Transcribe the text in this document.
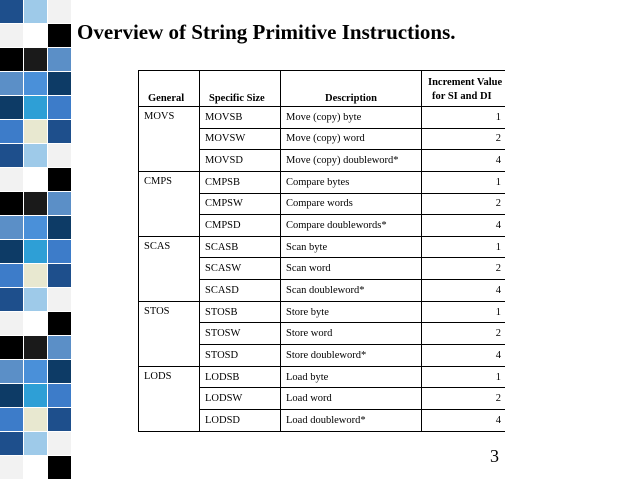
Overview of String Primitive Instructions.
General	Specific Size	Description	Increment Value
for SI and DI
MOVS	MOVSB	Move (copy) byte	1
	MOVSW	Move (copy) word	2
	MOVSD	Move (copy) doubleword*	4
CMPS	CMPSB	Compare bytes	1
	CMPSW	Compare words	2
	CMPSD	Compare doublewords*	4
SCAS	SCASB	Scan byte	1
	SCASW	Scan word	2
	SCASD	Scan doubleword*	4
STOS	STOSB	Store byte	1
	STOSW	Store word	2
	STOSD	Store doubleword*	4
LODS	LODSB	Load byte	1
	LODSW	Load word	2
	LODSD	Load doubleword*	4
3
